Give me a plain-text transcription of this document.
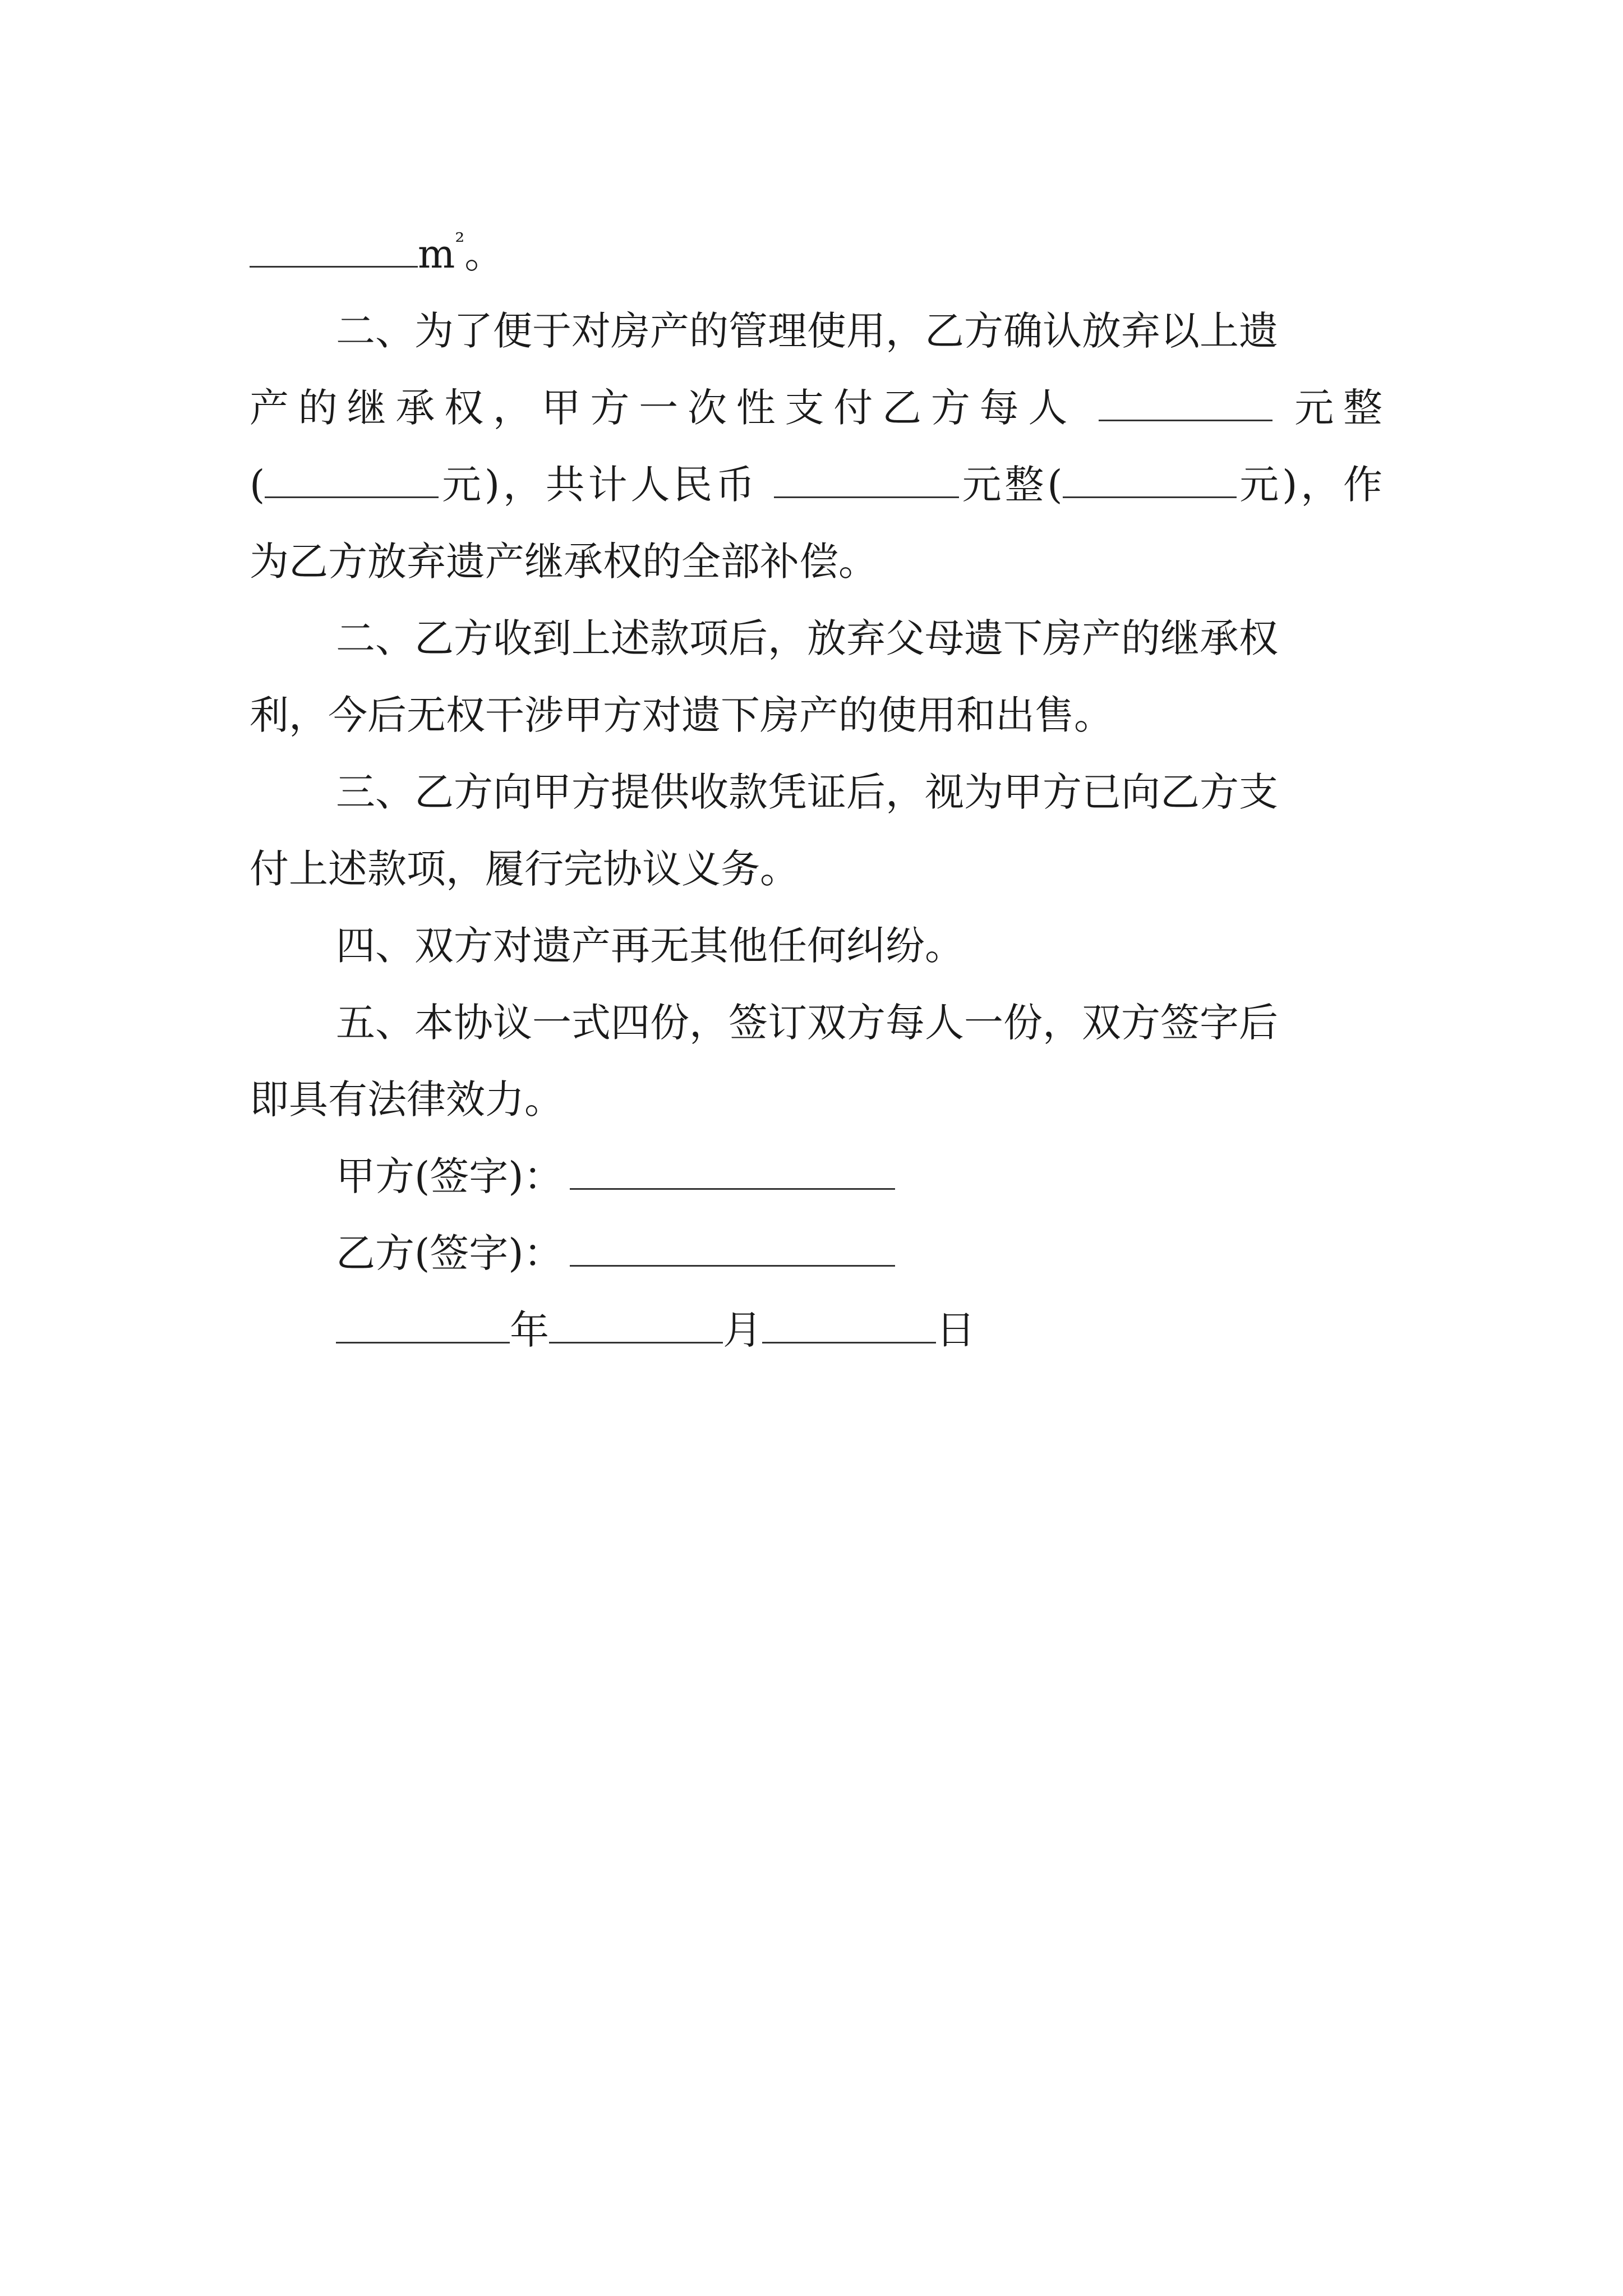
$m^{^2}$。
二、为了便于对房产的管理使用，乙方确认放弃以上遗
产的继承权，甲方一次性支付乙方每人	元整
(	元)，共计人民币	元整(	元)，作
为乙方放弃遗产继承权的全部补偿。
二、乙方收到上述款项后，放弃父母遗下房产的继承权
利，今后无权干涉甲方对遗下房产的使用和出售。
三、乙方向甲方提供收款凭证后，视为甲方已向乙方支
付上述款项，履行完协议义务。
四、双方对遗产再无其他任何纠纷。
五、本协议一式四份，签订双方每人一份，双方签字后
即具有法律效力。
甲方(签字)：
乙方(签字)：
年	月	日
